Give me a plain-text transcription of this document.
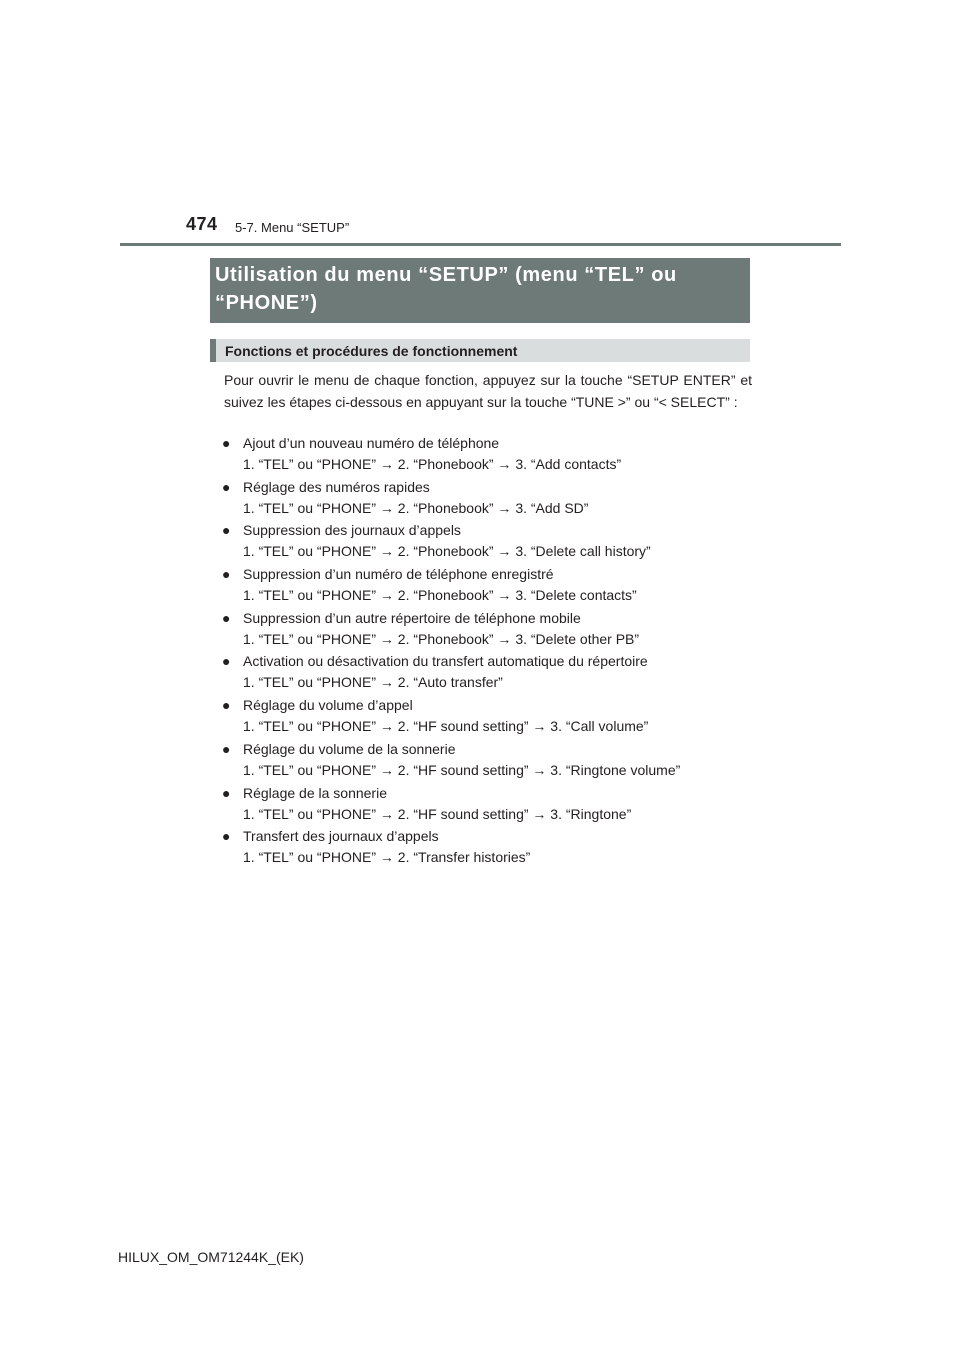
474 5-7. Menu “SETUP”
Utilisation du menu “SETUP” (menu “TEL” ou “PHONE”)
Fonctions et procédures de fonctionnement

Pour ouvrir le menu de chaque fonction, appuyez sur la touche “SETUP ENTER” et suivez les étapes ci-dessous en appuyant sur la touche “TUNE >” ou “< SELECT” :

● Ajout d’un nouveau numéro de téléphone
1. “TEL” ou “PHONE” → 2. “Phonebook” → 3. “Add contacts”
● Réglage des numéros rapides
1. “TEL” ou “PHONE” → 2. “Phonebook” → 3. “Add SD”
● Suppression des journaux d’appels
1. “TEL” ou “PHONE” → 2. “Phonebook” → 3. “Delete call history”
● Suppression d’un numéro de téléphone enregistré
1. “TEL” ou “PHONE” → 2. “Phonebook” → 3. “Delete contacts”
● Suppression d’un autre répertoire de téléphone mobile
1. “TEL” ou “PHONE” → 2. “Phonebook” → 3. “Delete other PB”
● Activation ou désactivation du transfert automatique du répertoire
1. “TEL” ou “PHONE” → 2. “Auto transfer”
● Réglage du volume d’appel
1. “TEL” ou “PHONE” → 2. “HF sound setting” → 3. “Call volume”
● Réglage du volume de la sonnerie
1. “TEL” ou “PHONE” → 2. “HF sound setting” → 3. “Ringtone volume”
● Réglage de la sonnerie
1. “TEL” ou “PHONE” → 2. “HF sound setting” → 3. “Ringtone”
● Transfert des journaux d’appels
1. “TEL” ou “PHONE” → 2. “Transfer histories”
HILUX_OM_OM71244K_(EK)
